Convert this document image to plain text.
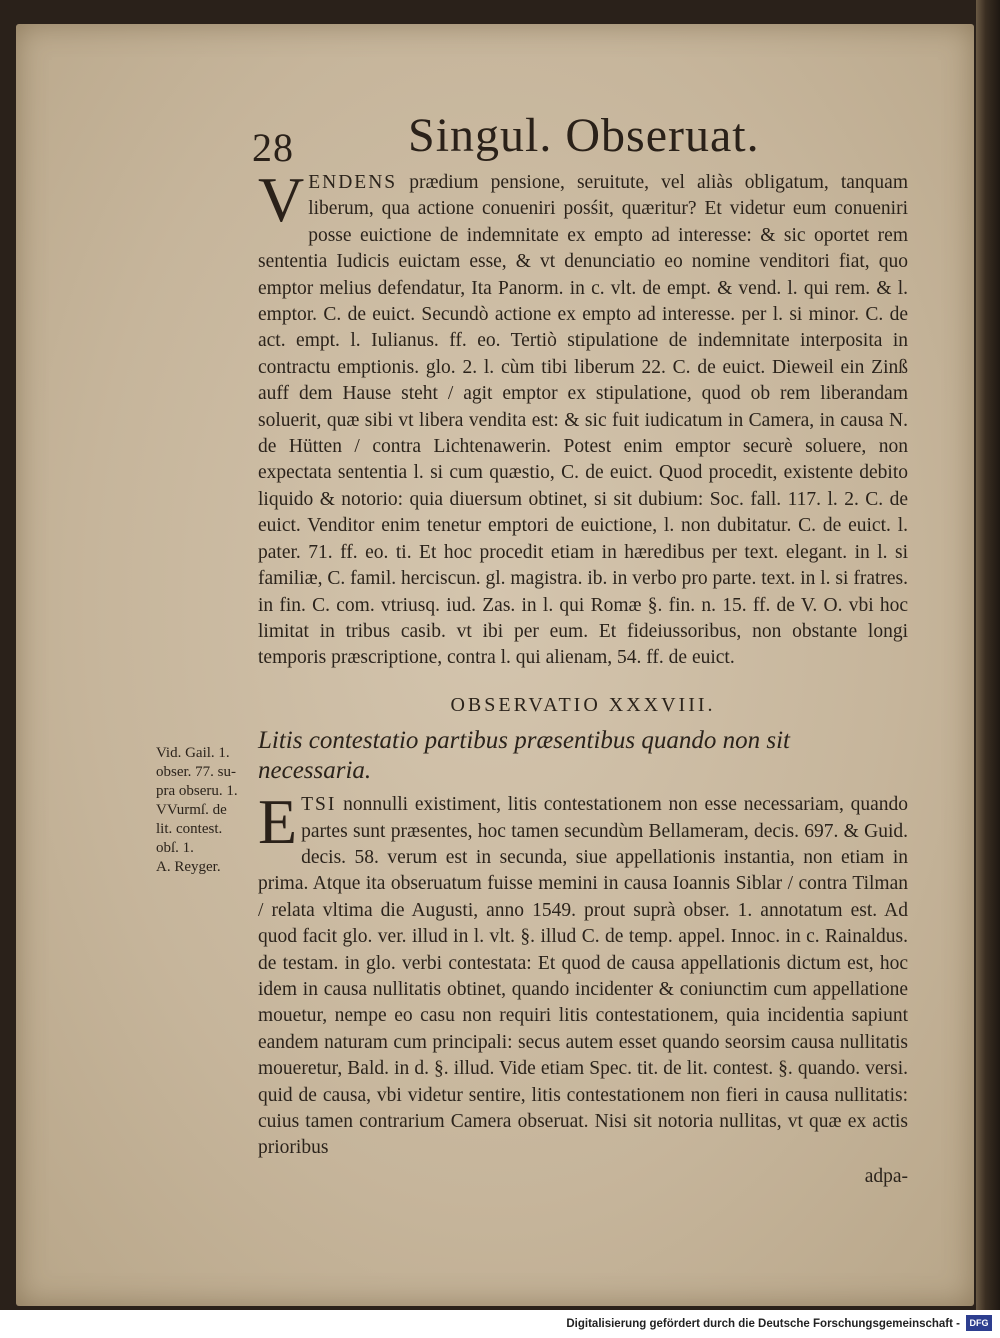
28 Singul. Obseruat.
Vid. Gail. 1.
obser. 77. su-
pra obseru. 1.
VVurmſ. de
lit. contest.
obſ. 1.
A. Reyger.

V ENDENS prædium pensione, seruitute, vel aliàs obligatum, tanquam liberum, qua actione conueniri posśit, quæritur? Et videtur eum conueniri posse euictione de indemnitate ex empto ad interesse: & sic oportet rem sententia Iudicis euictam esse, & vt denunciatio eo nomine venditori fiat, quo emptor melius defendatur, Ita Panorm. in c. vlt. de empt. & vend. l. qui rem. & l. emptor. C. de euict. Secundò actione ex empto ad interesse. per l. si minor. C. de act. empt. l. Iulianus. ff. eo. Tertiò stipulatione de indemnitate interposita in contractu emptionis. glo. 2. l. cùm tibi liberum 22. C. de euict. Dieweil ein Zinß auff dem Hause steht / agit emptor ex stipulatione, quod ob rem liberandam soluerit, quæ sibi vt libera vendita est: & sic fuit iudicatum in Camera, in causa N. de Hütten / contra Lichtenawerin. Potest enim emptor securè soluere, non expectata sententia l. si cum quæstio, C. de euict. Quod procedit, existente debito liquido & notorio: quia diuersum obtinet, si sit dubium: Soc. fall. 117. l. 2. C. de euict. Venditor enim tenetur emptori de euictione, l. non dubitatur. C. de euict. l. pater. 71. ff. eo. ti. Et hoc procedit etiam in hæredibus per text. elegant. in l. si familiæ, C. famil. herciscun. gl. magistra. ib. in verbo pro parte. text. in l. si fratres. in fin. C. com. vtriusq. iud. Zas. in l. qui Romæ §. fin. n. 15. ff. de V. O. vbi hoc limitat in tribus casib. vt ibi per eum. Et fideiussoribus, non obstante longi temporis præscriptione, contra l. qui alienam, 54. ff. de euict.

OBSERVATIO XXXVIII.
Litis contestatio partibus præsentibus quando non sit necessaria.

E TSI nonnulli existiment, litis contestationem non esse necessariam, quando partes sunt præsentes, hoc tamen secundùm Bellameram, decis. 697. & Guid. decis. 58. verum est in secunda, siue appellationis instantia, non etiam in prima. Atque ita obseruatum fuisse memini in causa Ioannis Siblar / contra Tilman / relata vltima die Augusti, anno 1549. prout suprà obser. 1. annotatum est. Ad quod facit glo. ver. illud in l. vlt. §. illud C. de temp. appel. Innoc. in c. Rainaldus. de testam. in glo. verbi contestata: Et quod de causa appellationis dictum est, hoc idem in causa nullitatis obtinet, quando incidenter & coniunctim cum appellatione mouetur, nempe eo casu non requiri litis contestationem, quia incidentia sapiunt eandem naturam cum principali: secus autem esset quando seorsim causa nullitatis moueretur, Bald. in d. §. illud. Vide etiam Spec. tit. de lit. contest. §. quando. versi. quid de causa, vbi videtur sentire, litis contestationem non fieri in causa nullitatis: cuius tamen contrarium Camera obseruat. Nisi sit notoria nullitas, vt quæ ex actis prioribus

adpa-
Digitalisierung gefördert durch die Deutsche Forschungsgemeinschaft -	DFG
